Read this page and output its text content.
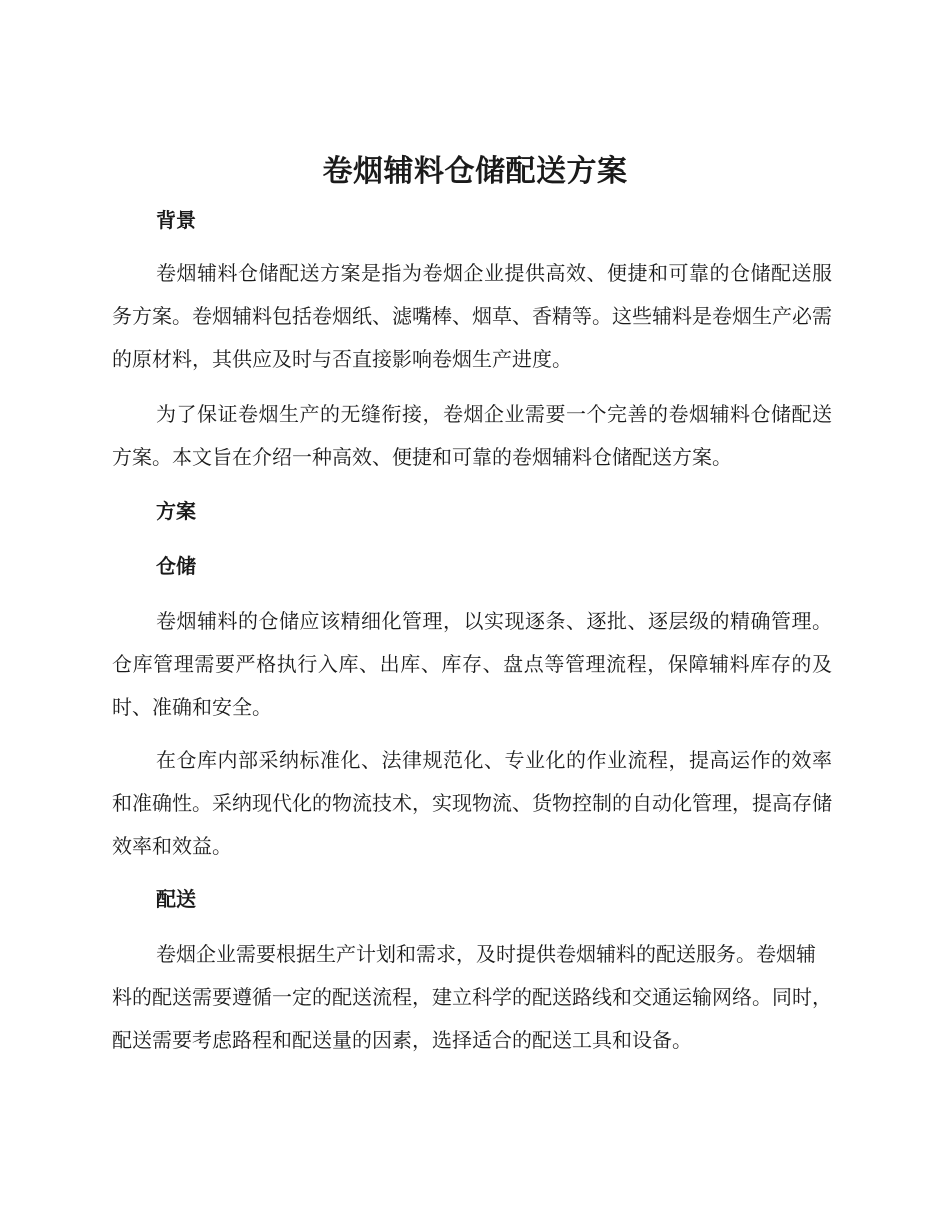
卷烟辅料仓储配送方案
背景

卷烟辅料仓储配送方案是指为卷烟企业提供高效、便捷和可靠的仓储配送服务方案。卷烟辅料包括卷烟纸、滤嘴棒、烟草、香精等。这些辅料是卷烟生产必需的原材料，其供应及时与否直接影响卷烟生产进度。

为了保证卷烟生产的无缝衔接，卷烟企业需要一个完善的卷烟辅料仓储配送方案。本文旨在介绍一种高效、便捷和可靠的卷烟辅料仓储配送方案。

方案
仓储

卷烟辅料的仓储应该精细化管理，以实现逐条、逐批、逐层级的精确管理。仓库管理需要严格执行入库、出库、库存、盘点等管理流程，保障辅料库存的及时、准确和安全。

在仓库内部采纳标准化、法律规范化、专业化的作业流程，提高运作的效率和准确性。采纳现代化的物流技术，实现物流、货物控制的自动化管理，提高存储效率和效益。

配送

卷烟企业需要根据生产计划和需求，及时提供卷烟辅料的配送服务。卷烟辅料的配送需要遵循一定的配送流程，建立科学的配送路线和交通运输网络。同时，配送需要考虑路程和配送量的因素，选择适合的配送工具和设备。
